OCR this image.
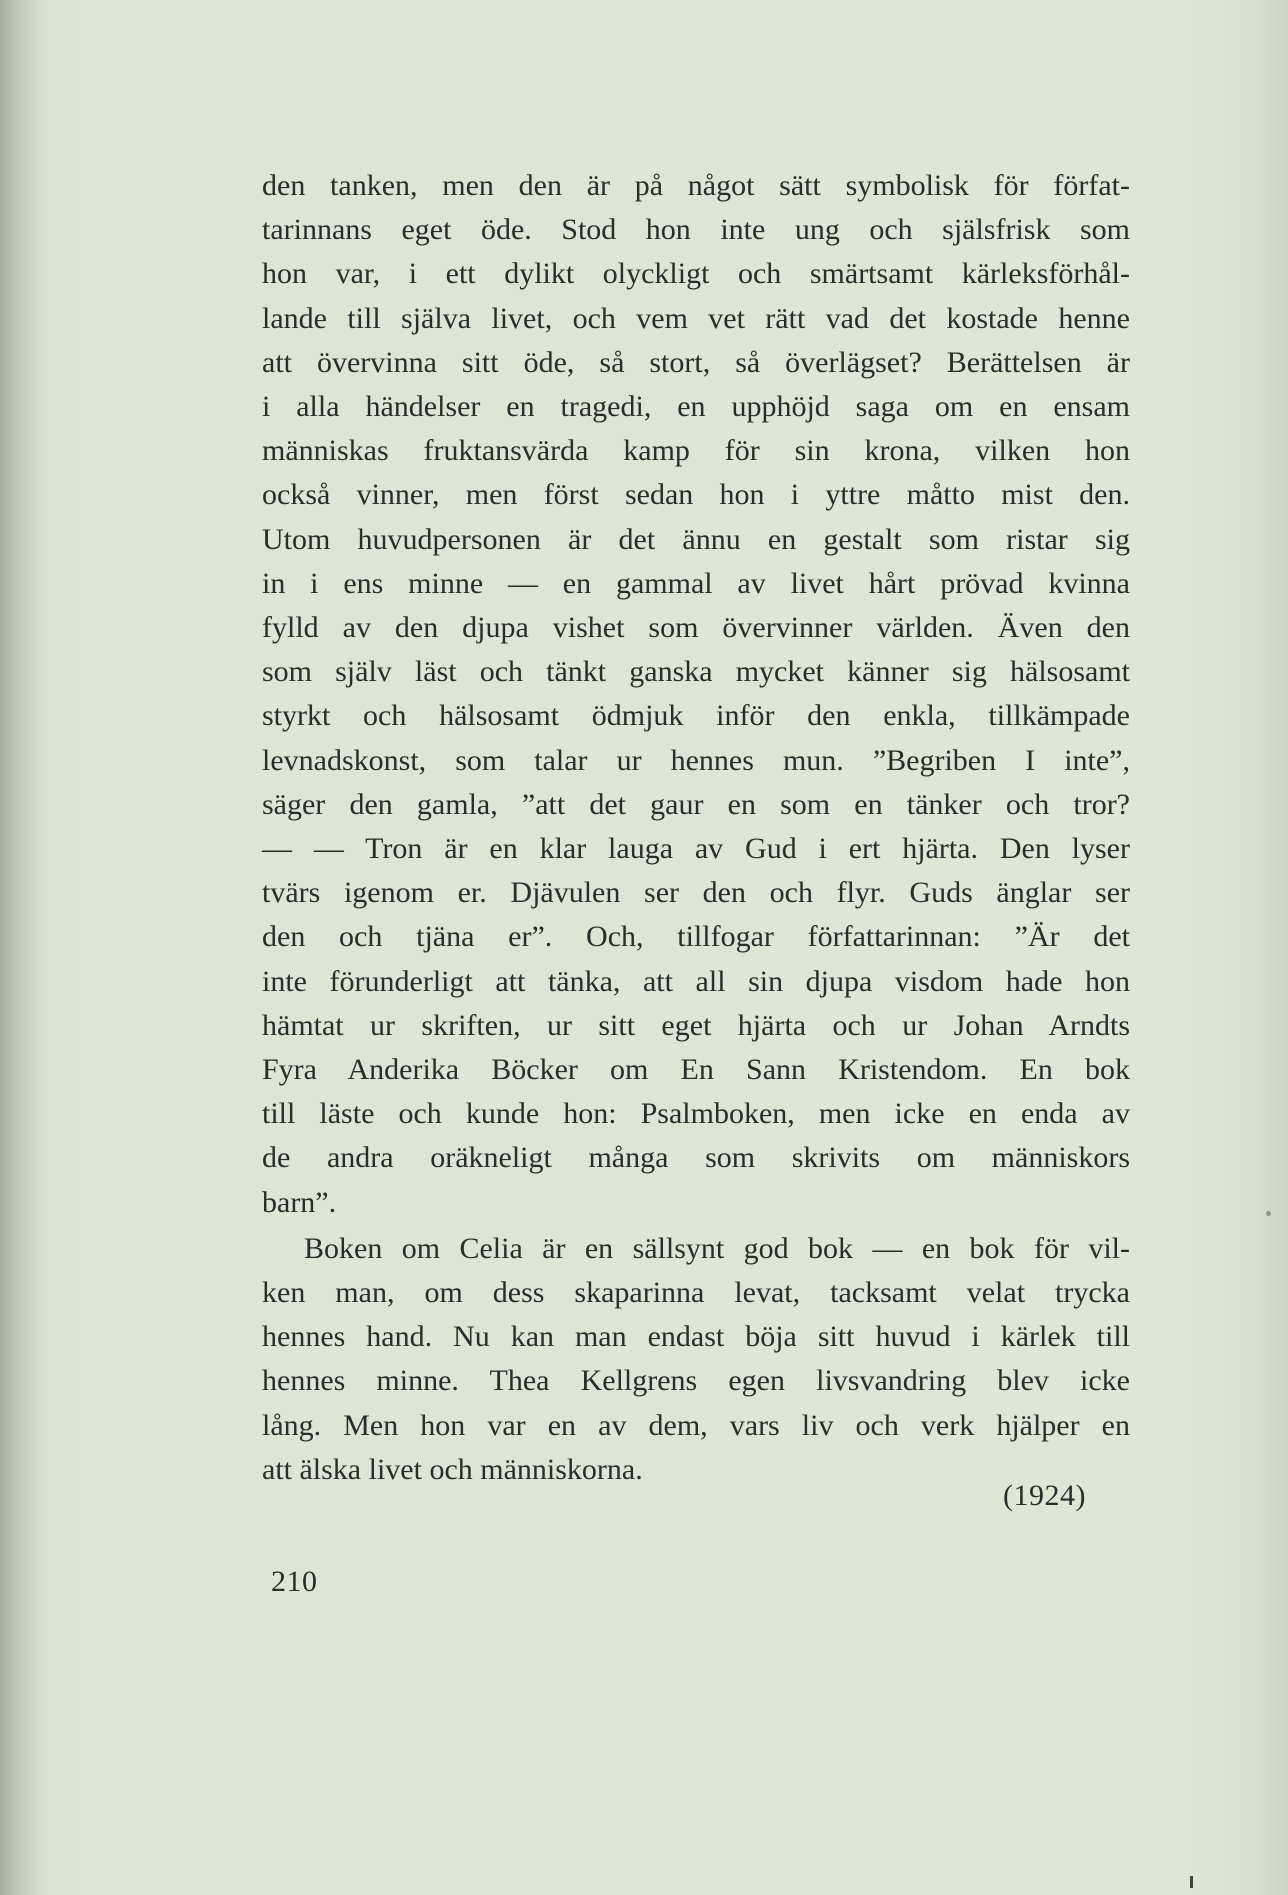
den tanken, men den är på något sätt symbolisk för förfat-
tarinnans eget öde. Stod hon inte ung och själsfrisk som
hon var, i ett dylikt olyckligt och smärtsamt kärleksförhål-
lande till själva livet, och vem vet rätt vad det kostade henne
att övervinna sitt öde, så stort, så överlägset? Berättelsen är
i alla händelser en tragedi, en upphöjd saga om en ensam
människas fruktansvärda kamp för sin krona, vilken hon
också vinner, men först sedan hon i yttre måtto mist den.
Utom huvudpersonen är det ännu en gestalt som ristar sig
in i ens minne — en gammal av livet hårt prövad kvinna
fylld av den djupa vishet som övervinner världen. Även den
som själv läst och tänkt ganska mycket känner sig hälsosamt
styrkt och hälsosamt ödmjuk inför den enkla, tillkämpade
levnadskonst, som talar ur hennes mun. ”Begriben I inte”,
säger den gamla, ”att det gaur en som en tänker och tror?
— — Tron är en klar lauga av Gud i ert hjärta. Den lyser
tvärs igenom er. Djävulen ser den och flyr. Guds änglar ser
den och tjäna er”. Och, tillfogar författarinnan: ”Är det
inte förunderligt att tänka, att all sin djupa visdom hade hon
hämtat ur skriften, ur sitt eget hjärta och ur Johan Arndts
Fyra Anderika Böcker om En Sann Kristendom. En bok
till läste och kunde hon: Psalmboken, men icke en enda av
de andra oräkneligt många som skrivits om människors
barn”.
Boken om Celia är en sällsynt god bok — en bok för vil-
ken man, om dess skaparinna levat, tacksamt velat trycka
hennes hand. Nu kan man endast böja sitt huvud i kärlek till
hennes minne. Thea Kellgrens egen livsvandring blev icke
lång. Men hon var en av dem, vars liv och verk hjälper en
att älska livet och människorna.
(1924)
210
